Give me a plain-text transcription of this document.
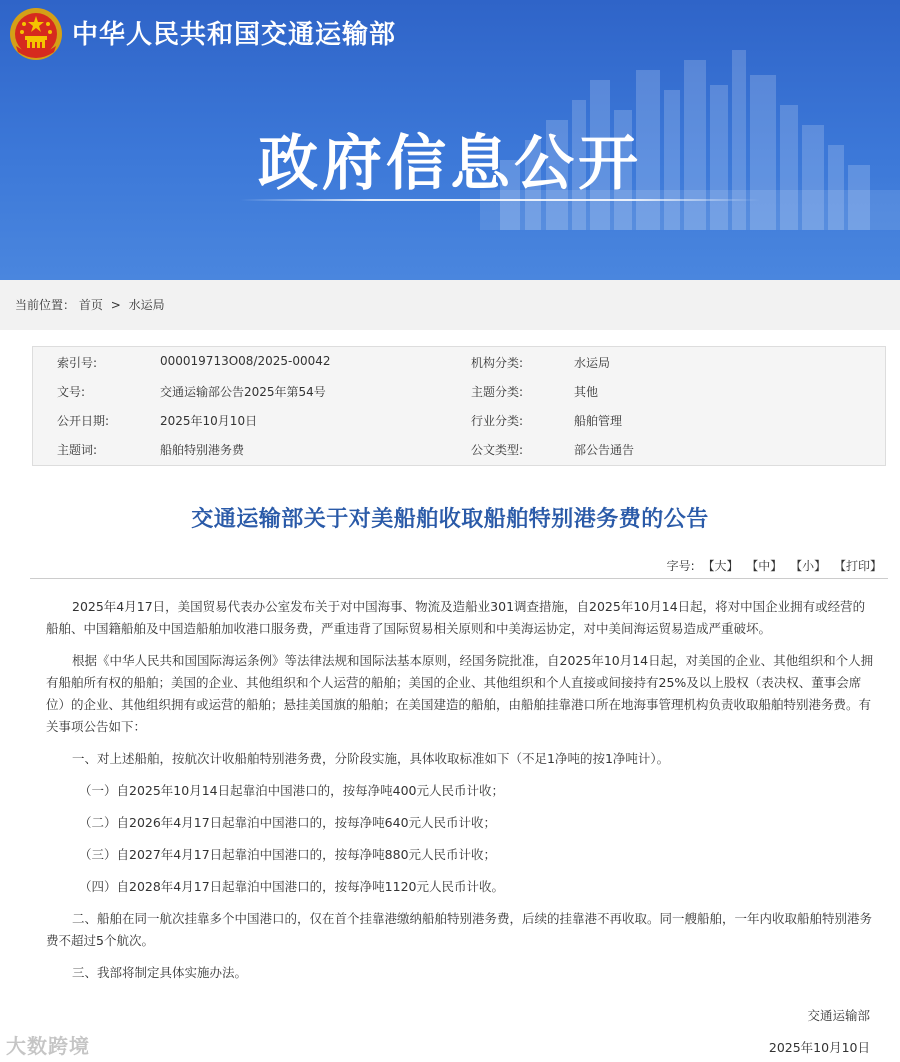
中华人民共和国交通运输部
政府信息公开
当前位置： 首页 > 水运局
索引号:	000019713O08/2025-00042	机构分类:	水运局
文号:	交通运输部公告2025年第54号	主题分类:	其他
公开日期:	2025年10月10日	行业分类:	船舶管理
主题词:	船舶特别港务费	公文类型:	部公告通告
交通运输部关于对美船舶收取船舶特别港务费的公告
字号: 【大】 【中】 【小】 【打印】

2025年4月17日，美国贸易代表办公室发布关于对中国海事、物流及造船业301调查措施，自2025年10月14日起，将对中国企业拥有或经营的船舶、中国籍船舶及中国造船舶加收港口服务费，严重违背了国际贸易相关原则和中美海运协定，对中美间海运贸易造成严重破坏。

根据《中华人民共和国国际海运条例》等法律法规和国际法基本原则，经国务院批准，自2025年10月14日起，对美国的企业、其他组织和个人拥有船舶所有权的船舶；美国的企业、其他组织和个人运营的船舶；美国的企业、其他组织和个人直接或间接持有25%及以上股权（表决权、董事会席位）的企业、其他组织拥有或运营的船舶；悬挂美国旗的船舶；在美国建造的船舶，由船舶挂靠港口所在地海事管理机构负责收取船舶特别港务费。有关事项公告如下：

一、对上述船舶，按航次计收船舶特别港务费，分阶段实施，具体收取标准如下（不足1净吨的按1净吨计）。

（一）自2025年10月14日起靠泊中国港口的，按每净吨400元人民币计收；

（二）自2026年4月17日起靠泊中国港口的，按每净吨640元人民币计收；

（三）自2027年4月17日起靠泊中国港口的，按每净吨880元人民币计收；

（四）自2028年4月17日起靠泊中国港口的，按每净吨1120元人民币计收。

二、船舶在同一航次挂靠多个中国港口的，仅在首个挂靠港缴纳船舶特别港务费，后续的挂靠港不再收取。同一艘船舶，一年内收取船舶特别港务费不超过5个航次。

三、我部将制定具体实施办法。

交通运输部
2025年10月10日
大数跨境
